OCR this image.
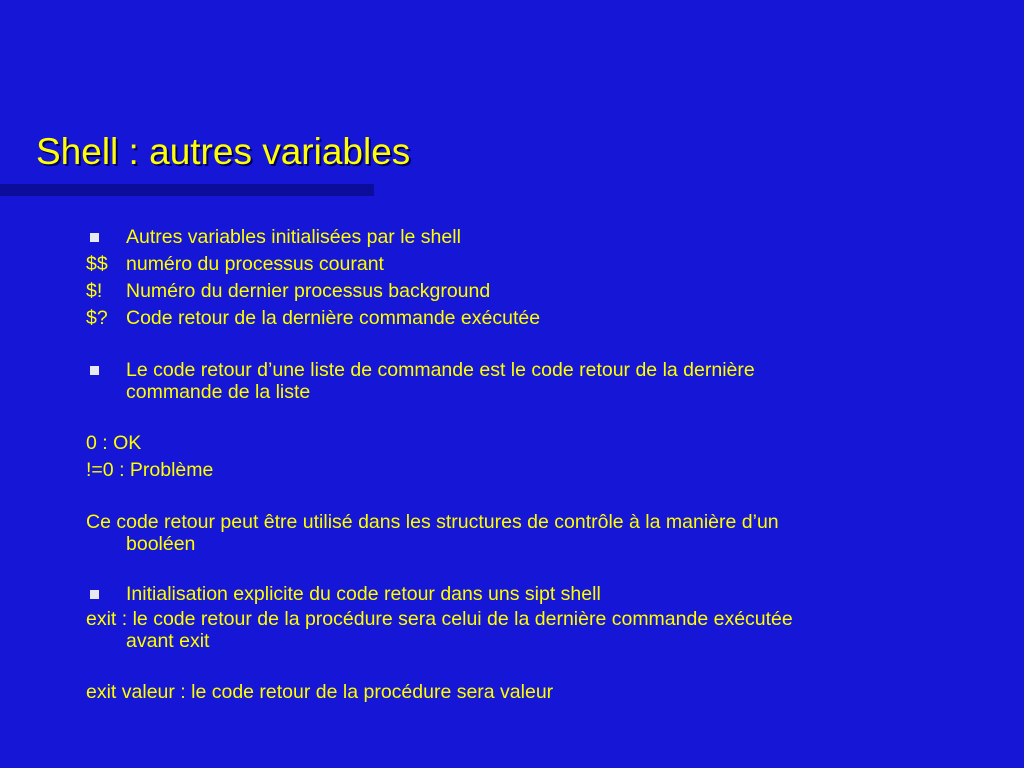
Shell : autres variables
Autres variables initialisées par le shell
$$ numéro du processus courant
$! Numéro du dernier processus background
$? Code retour de la dernière commande exécutée
Le code retour d’une liste de commande est le code retour de la dernière
commande de la liste
0 : OK
!=0 : Problème
Ce code retour peut être utilisé dans les structures de contrôle à la manière d’un
booléen
Initialisation explicite du code retour dans uns sipt shell
exit : le code retour de la procédure sera celui de la dernière commande exécutée
avant exit
exit valeur : le code retour de la procédure sera valeur
